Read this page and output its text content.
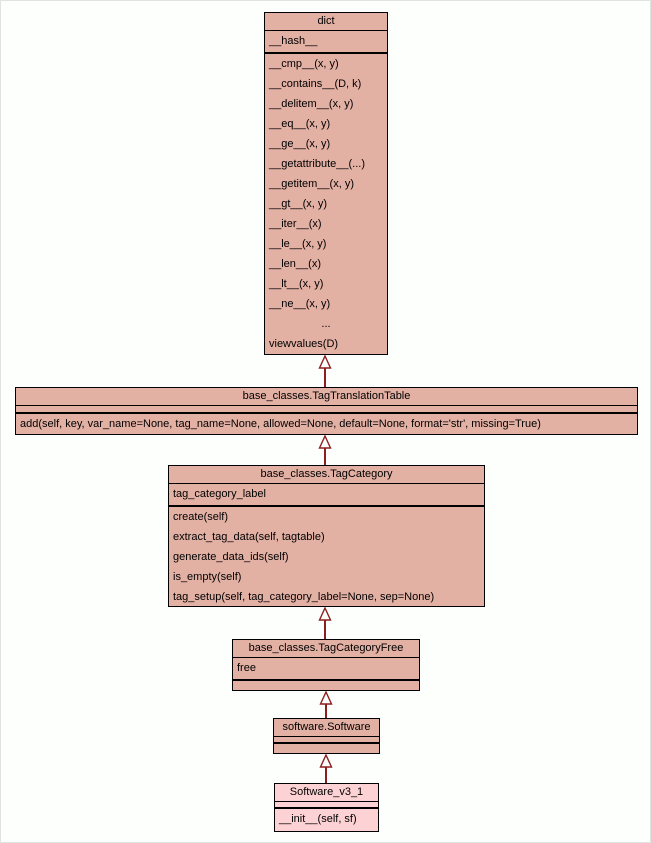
dict
__hash__
__cmp__(x, y)
__contains__(D, k)
__delitem__(x, y)
__eq__(x, y)
__ge__(x, y)
__getattribute__(...)
__getitem__(x, y)
__gt__(x, y)
__iter__(x)
__le__(x, y)
__len__(x)
__lt__(x, y)
__ne__(x, y)
...
viewvalues(D)
base_classes.TagTranslationTable
add(self, key, var_name=None, tag_name=None, allowed=None, default=None, format='str', missing=True)
base_classes.TagCategory
tag_category_label
create(self)
extract_tag_data(self, tagtable)
generate_data_ids(self)
is_empty(self)
tag_setup(self, tag_category_label=None, sep=None)
base_classes.TagCategoryFree
free
software.Software
Software_v3_1
__init__(self, sf)
